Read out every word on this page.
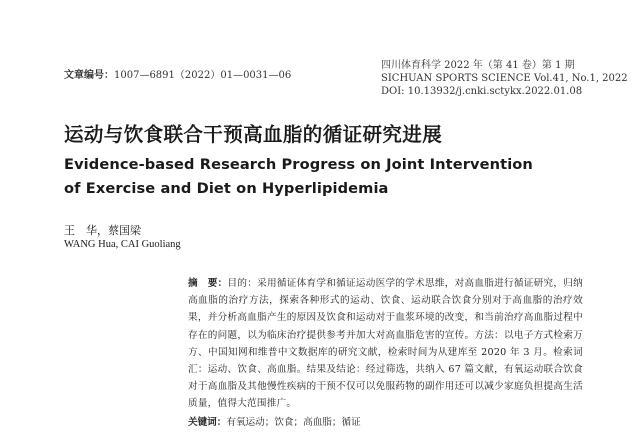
文章编号：1007—6891（2022）01—0031—06
四川体育科学 2022 年（第 41 卷）第 1 期
SICHUAN SPORTS SCIENCE Vol.41, No.1, 2022
DOI: 10.13932/j.cnki.sctykx.2022.01.08
运动与饮食联合干预高血脂的循证研究进展
Evidence-based Research Progress on Joint Intervention of Exercise and Diet on Hyperlipidemia
王　华，蔡国梁
WANG Hua, CAI Guoliang
摘　要：目的：采用循证体育学和循证运动医学的学术思维，对高血脂进行循证研究，归纳高血脂的治疗方法，探索各种形式的运动、饮食、运动联合饮食分别对于高血脂的治疗效果，并分析高血脂产生的原因及饮食和运动对于血浆环境的改变，和当前治疗高血脂过程中存在的问题，以为临床治疗提供参考并加大对高血脂危害的宣传。方法：以电子方式检索万方、中国知网和维普中文数据库的研究文献，检索时间为从建库至 2020 年 3 月。检索词汇：运动、饮食、高血脂。结果及结论：经过筛选，共纳入 67 篇文献，有氧运动联合饮食对于高血脂及其他慢性疾病的干预不仅可以免服药物的副作用还可以减少家庭负担提高生活质量，值得大范围推广。
关键词：有氧运动；饮食；高血脂；循证
